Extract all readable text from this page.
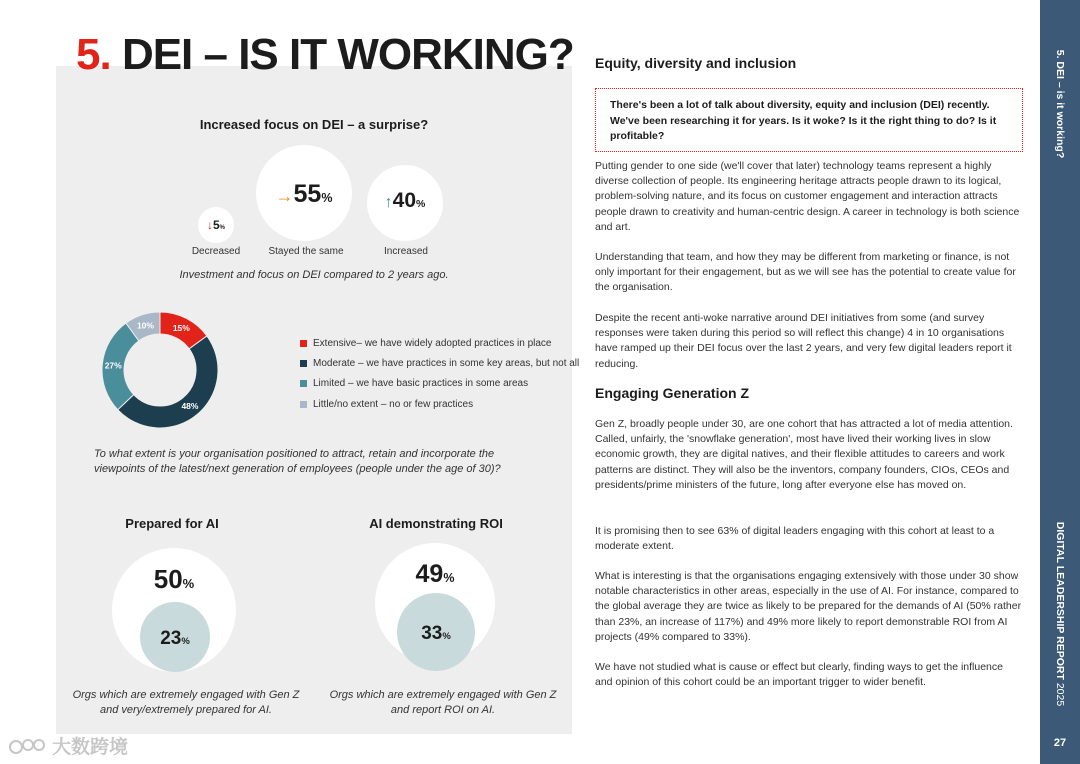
5. DEI – IS IT WORKING?
Increased focus on DEI – a surprise?
↓5%
Decreased
→55%
Stayed the same
↑40%
Increased
Investment and focus on DEI compared to 2 years ago.
15%
48%
27%
10%
Extensive– we have widely adopted practices in place
Moderate – we have practices in some key areas, but not all
Limited – we have basic practices in some areas
Little/no extent – no or few practices
To what extent is your organisation positioned to attract, retain and incorporate the viewpoints of the latest/next generation of employees (people under the age of 30)?
Prepared for AI
50%
23%
Orgs which are extremely engaged with Gen Z and very/extremely prepared for AI.
AI demonstrating ROI
49%
33%
Orgs which are extremely engaged with Gen Z and report ROI on AI.
Equity, diversity and inclusion
There's been a lot of talk about diversity, equity and inclusion (DEI) recently. We've been researching it for years. Is it woke? Is it the right thing to do? Is it profitable?
Putting gender to one side (we'll cover that later) technology teams represent a highly diverse collection of people. Its engineering heritage attracts people drawn to its logical, problem-solving nature, and its focus on customer engagement and interaction attracts people drawn to creativity and human-centric design. A career in technology is both science and art.
Understanding that team, and how they may be different from marketing or finance, is not only important for their engagement, but as we will see has the potential to create value for the organisation.
Despite the recent anti-woke narrative around DEI initiatives from some (and survey responses were taken during this period so will reflect this change) 4 in 10 organisations have ramped up their DEI focus over the last 2 years, and very few digital leaders report it reducing.
Engaging Generation Z
Gen Z, broadly people under 30, are one cohort that has attracted a lot of media attention. Called, unfairly, the 'snowflake generation', most have lived their working lives in slow economic growth, they are digital natives, and their flexible attitudes to careers and work patterns are distinct. They will also be the inventors, company founders, CIOs, CEOs and presidents/prime ministers of the future, long after everyone else has moved on.
It is promising then to see 63% of digital leaders engaging with this cohort at least to a moderate extent.
What is interesting is that the organisations engaging extensively with those under 30 show notable characteristics in other areas, especially in the use of AI. For instance, compared to the global average they are twice as likely to be prepared for the demands of AI (50% rather than 23%, an increase of 117%) and 49% more likely to report demonstrable ROI from AI projects (49% compared to 33%).
We have not studied what is cause or effect but clearly, finding ways to get the influence and opinion of this cohort could be an important trigger to wider benefit.
5. DEI – is it working?
DIGITAL LEADERSHIP REPORT 2025
27
大数跨境
